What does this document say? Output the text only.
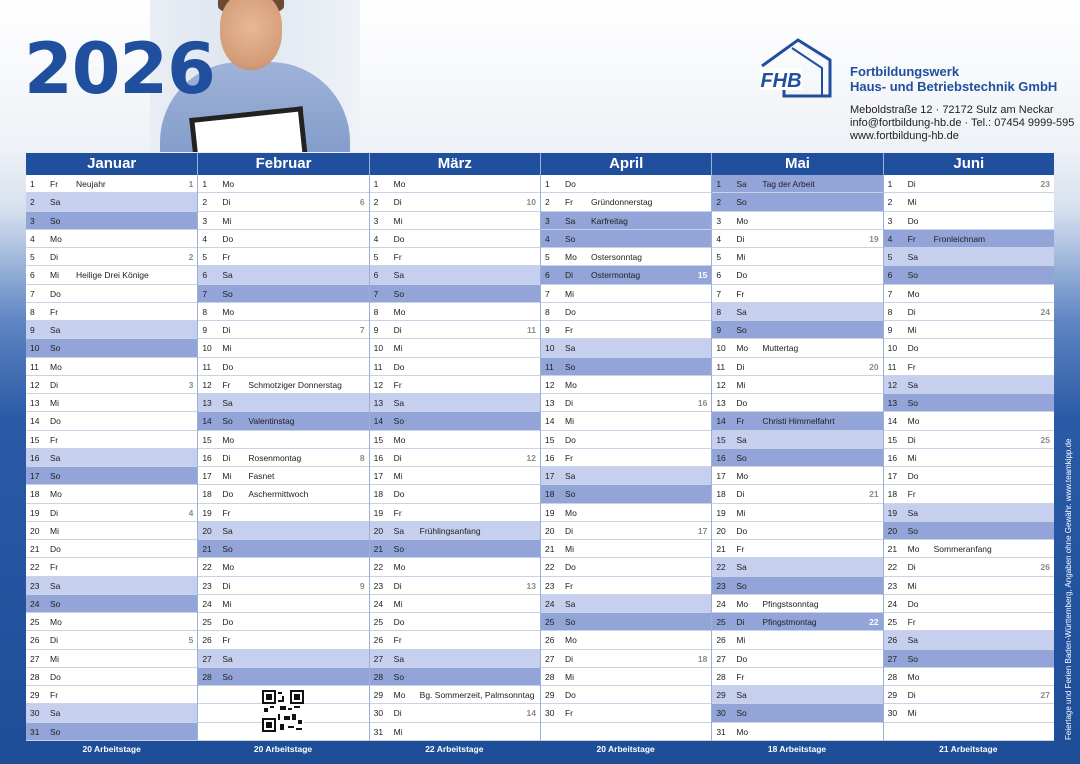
2026	FHB	Fortbildungswerk
Haus- und Betriebstechnik GmbH
Meboldstraße 12 · 72172 Sulz am Neckar
info@fortbildung-hb.de · Tel.: 07454 9999-595
www.fortbildung-hb.de
Januar
1 Fr Neujahr	1
2 Sa
3 So
4 Mo
5 Di	2
6 Mi Heilige Drei Könige
7 Do
8 Fr
9 Sa
10 So
11 Mo
12 Di	3
13 Mi
14 Do
15 Fr
16 Sa
17 So
18 Mo
19 Di	4
20 Mi
21 Do
22 Fr
23 Sa
24 So
25 Mo
26 Di	5
27 Mi
28 Do
29 Fr
30 Sa
31 So
Februar
1 Mo
2 Di	6
3 Mi
4 Do
5 Fr
6 Sa
7 So
8 Mo
9 Di	7
10 Mi
11 Do
12 Fr Schmotziger Donnerstag
13 Sa
14 So Valentinstag
15 Mo
16 Di Rosenmontag	8
17 Mi Fasnet
18 Do Aschermittwoch
19 Fr
20 Sa
21 So
22 Mo
23 Di	9
24 Mi
25 Do
26 Fr
27 Sa
28 So
März
1 Mo
2 Di	10
3 Mi
4 Do
5 Fr
6 Sa
7 So
8 Mo
9 Di	11
10 Mi
11 Do
12 Fr
13 Sa
14 So
15 Mo
16 Di	12
17 Mi
18 Do
19 Fr
20 Sa Frühlingsanfang
21 So
22 Mo
23 Di	13
24 Mi
25 Do
26 Fr
27 Sa
28 So
29 Mo Bg. Sommerzeit, Palmsonntag
30 Di	14
31 Mi
April
1 Do
2 Fr Gründonnerstag
3 Sa Karfreitag
4 So
5 Mo Ostersonntag
6 Di Ostermontag	15
7 Mi
8 Do
9 Fr
10 Sa
11 So
12 Mo
13 Di	16
14 Mi
15 Do
16 Fr
17 Sa
18 So
19 Mo
20 Di	17
21 Mi
22 Do
23 Fr
24 Sa
25 So
26 Mo
27 Di	18
28 Mi
29 Do
30 Fr
Mai
1 Sa Tag der Arbeit
2 So
3 Mo
4 Di	19
5 Mi
6 Do
7 Fr
8 Sa
9 So
10 Mo Muttertag
11 Di	20
12 Mi
13 Do
14 Fr Christi Himmelfahrt
15 Sa
16 So
17 Mo
18 Di	21
19 Mi
20 Do
21 Fr
22 Sa
23 So
24 Mo Pfingstsonntag
25 Di Pfingstmontag	22
26 Mi
27 Do
28 Fr
29 Sa
30 So
31 Mo
Juni
1 Di	23
2 Mi
3 Do
4 Fr Fronleichnam
5 Sa
6 So
7 Mo
8 Di	24
9 Mi
10 Do
11 Fr
12 Sa
13 So
14 Mo
15 Di	25
16 Mi
17 Do
18 Fr
19 Sa
20 So
21 Mo Sommeranfang
22 Di	26
23 Mi
24 Do
25 Fr
26 Sa
27 So
28 Mo
29 Di	27
30 Mi
20 Arbeitstage	20 Arbeitstage	22 Arbeitstage	20 Arbeitstage	18 Arbeitstage	21 Arbeitstage
Feiertage und Ferien Baden-Württemberg, Angaben ohne Gewähr. www.teamkipp.de
